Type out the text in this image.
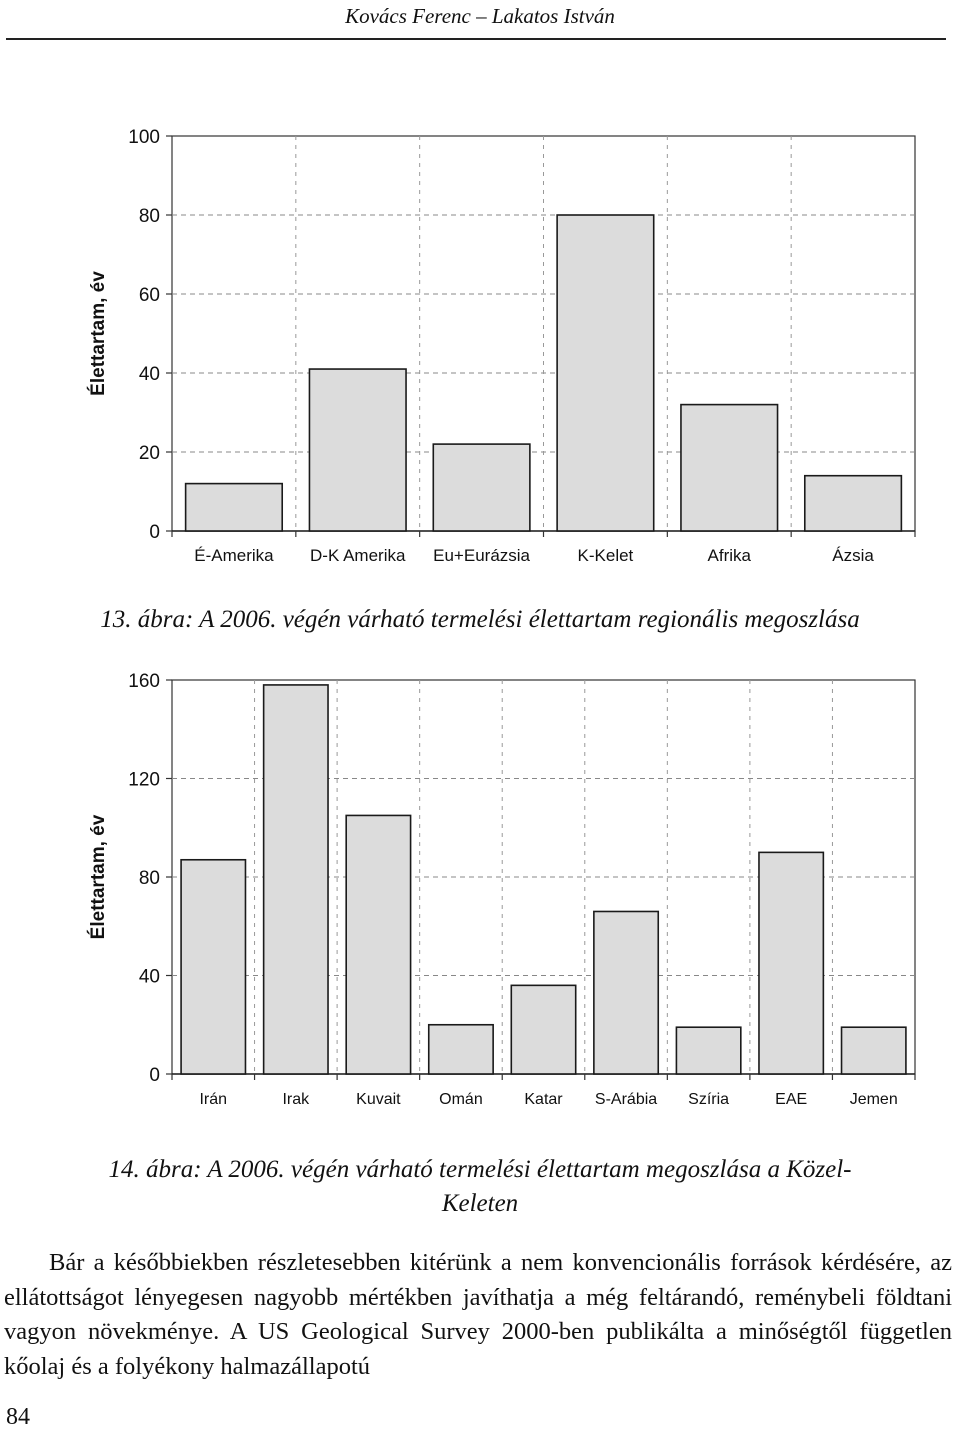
Kovács Ferenc – Lakatos István
0
20
40
60
80
100
É-Amerika D-K Amerika Eu+Eurázsia	K-Kelet	Afrika	Ázsia
Élettartam, év
13. ábra: A 2006. végén várható termelési élettartam regionális megoszlása
0
40
80
120
160
Irán	Irak	Kuvait Omán	Katar S-Arábia Szíria	EAE	Jemen
Élettartam, év
14. ábra: A 2006. végén várható termelési élettartam megoszlása a Közel-Keleten
Bár a későbbiekben részletesebben kitérünk a nem konvencionális források kérdésére, az ellátottságot lényegesen nagyobb mértékben javíthatja a még feltárandó, reménybeli földtani vagyon növekménye. A US Geological Survey 2000-ben publikálta a minőségtől független kőolaj és a folyékony halmazállapotú
84
